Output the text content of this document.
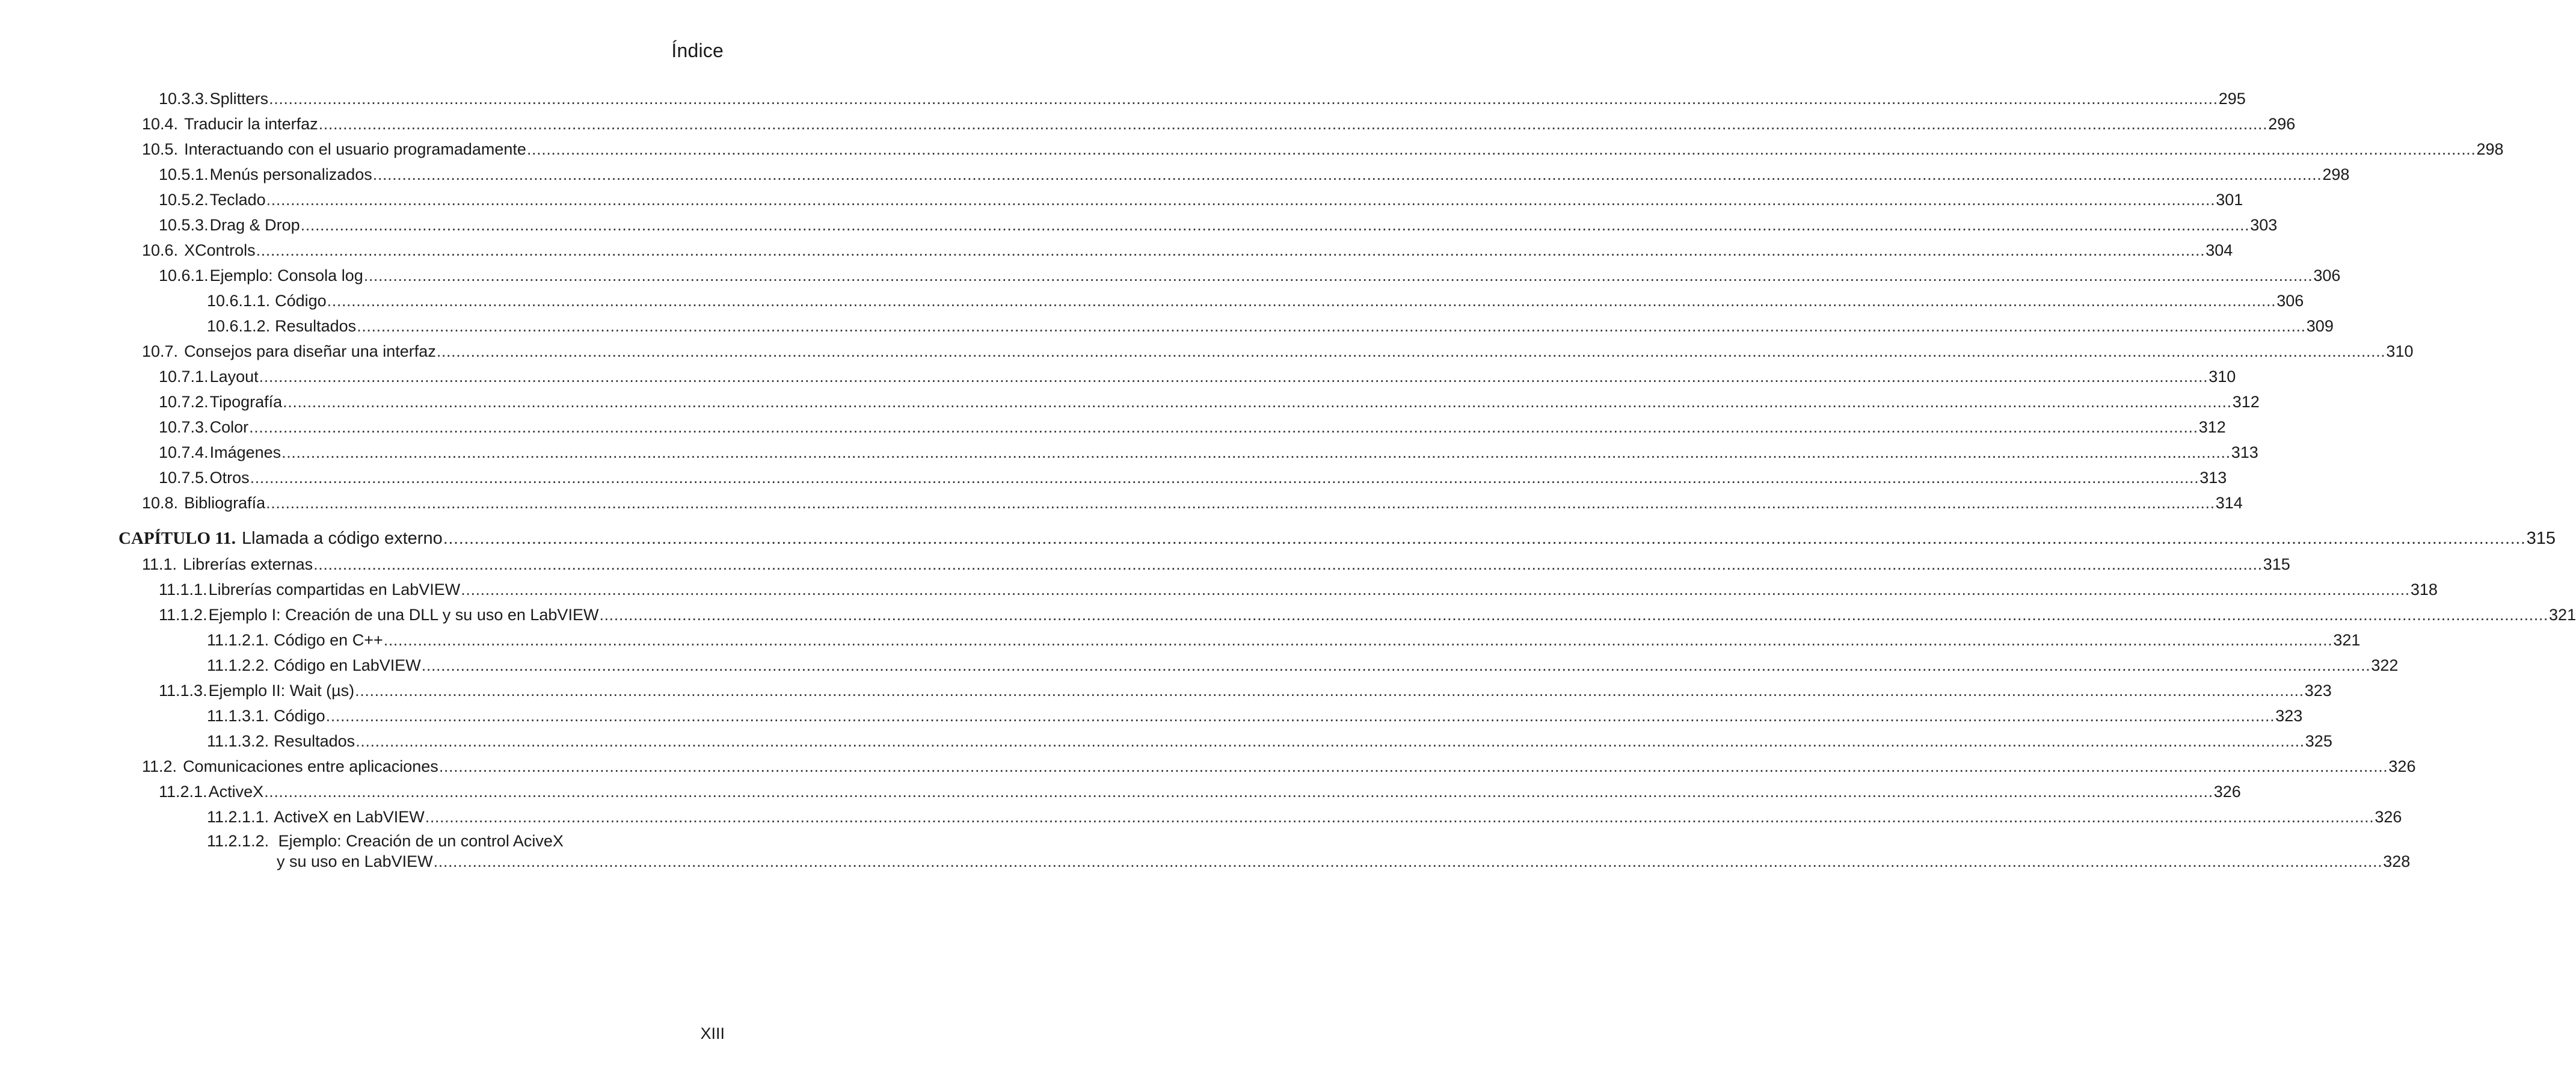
Índice
10.3.3. Splitters ................................................................................................................................................................................................................................................................................................................................................................................................................ 295
10.4. Traducir la interfaz ................................................................................................................................................................................................................................................................................................................................................................................................................ 296
10.5. Interactuando con el usuario programadamente ................................................................................................................................................................................................................................................................................................................................................................................................................ 298
10.5.1. Menús personalizados ................................................................................................................................................................................................................................................................................................................................................................................................................ 298
10.5.2. Teclado ................................................................................................................................................................................................................................................................................................................................................................................................................ 301
10.5.3. Drag & Drop ................................................................................................................................................................................................................................................................................................................................................................................................................ 303
10.6. XControls ................................................................................................................................................................................................................................................................................................................................................................................................................ 304
10.6.1. Ejemplo: Consola log ................................................................................................................................................................................................................................................................................................................................................................................................................ 306
10.6.1.1. Código ................................................................................................................................................................................................................................................................................................................................................................................................................ 306
10.6.1.2. Resultados ................................................................................................................................................................................................................................................................................................................................................................................................................ 309
10.7. Consejos para diseñar una interfaz ................................................................................................................................................................................................................................................................................................................................................................................................................ 310
10.7.1. Layout ................................................................................................................................................................................................................................................................................................................................................................................................................ 310
10.7.2. Tipografía ................................................................................................................................................................................................................................................................................................................................................................................................................ 312
10.7.3. Color ................................................................................................................................................................................................................................................................................................................................................................................................................ 312
10.7.4. Imágenes ................................................................................................................................................................................................................................................................................................................................................................................................................ 313
10.7.5. Otros ................................................................................................................................................................................................................................................................................................................................................................................................................ 313
10.8. Bibliografía ................................................................................................................................................................................................................................................................................................................................................................................................................ 314
CAPÍTULO 11. Llamada a código externo ................................................................................................................................................................................................................................................................................................................................................................................................................ 315
11.1. Librerías externas ................................................................................................................................................................................................................................................................................................................................................................................................................ 315
11.1.1. Librerías compartidas en LabVIEW ................................................................................................................................................................................................................................................................................................................................................................................................................ 318
11.1.2. Ejemplo I: Creación de una DLL y su uso en LabVIEW ................................................................................................................................................................................................................................................................................................................................................................................................................ 321
11.1.2.1. Código en C++ ................................................................................................................................................................................................................................................................................................................................................................................................................ 321
11.1.2.2. Código en LabVIEW ................................................................................................................................................................................................................................................................................................................................................................................................................ 322
11.1.3. Ejemplo II: Wait (µs) ................................................................................................................................................................................................................................................................................................................................................................................................................ 323
11.1.3.1. Código ................................................................................................................................................................................................................................................................................................................................................................................................................ 323
11.1.3.2. Resultados ................................................................................................................................................................................................................................................................................................................................................................................................................ 325
11.2. Comunicaciones entre aplicaciones ................................................................................................................................................................................................................................................................................................................................................................................................................ 326
11.2.1. ActiveX ................................................................................................................................................................................................................................................................................................................................................................................................................ 326
11.2.1.1. ActiveX en LabVIEW ................................................................................................................................................................................................................................................................................................................................................................................................................ 326
11.2.1.2. Ejemplo: Creación de un control AciveX
y su uso en LabVIEW ................................................................................................................................................................................................................................................................................................................................................................................................................ 328
XIII
